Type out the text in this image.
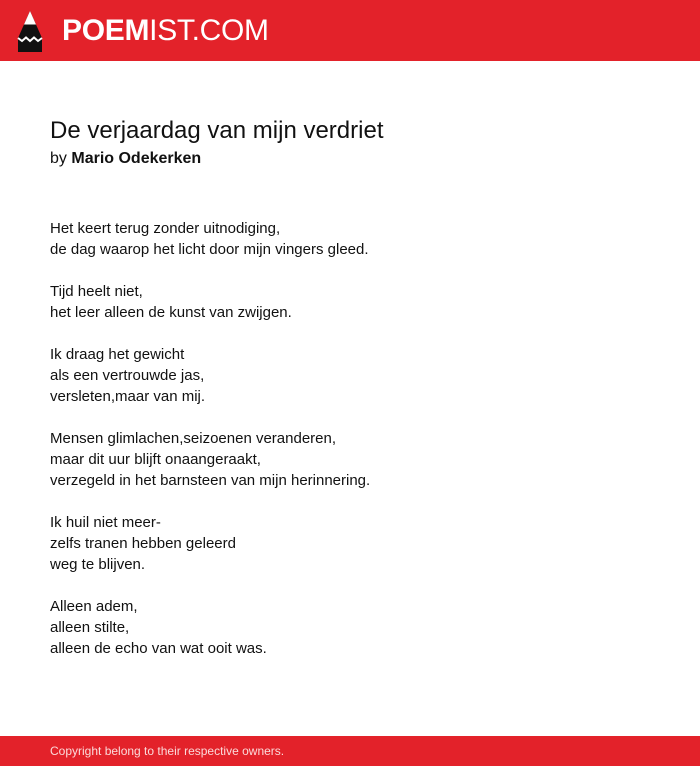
POEMIST.COM
De verjaardag van mijn verdriet
by Mario Odekerken

Het keert terug zonder uitnodiging,
de dag waarop het licht door mijn vingers gleed.

Tijd heelt niet,
het leer alleen de kunst van zwijgen.

Ik draag het gewicht
als een vertrouwde jas,
versleten,maar van mij.

Mensen glimlachen,seizoenen veranderen,
maar dit uur blijft onaangeraakt,
verzegeld in het barnsteen van mijn herinnering.

Ik huil niet meer-
zelfs tranen hebben geleerd
weg te blijven.

Alleen adem,
alleen stilte,
alleen de echo van wat ooit was.

Copyright belong to their respective owners.
